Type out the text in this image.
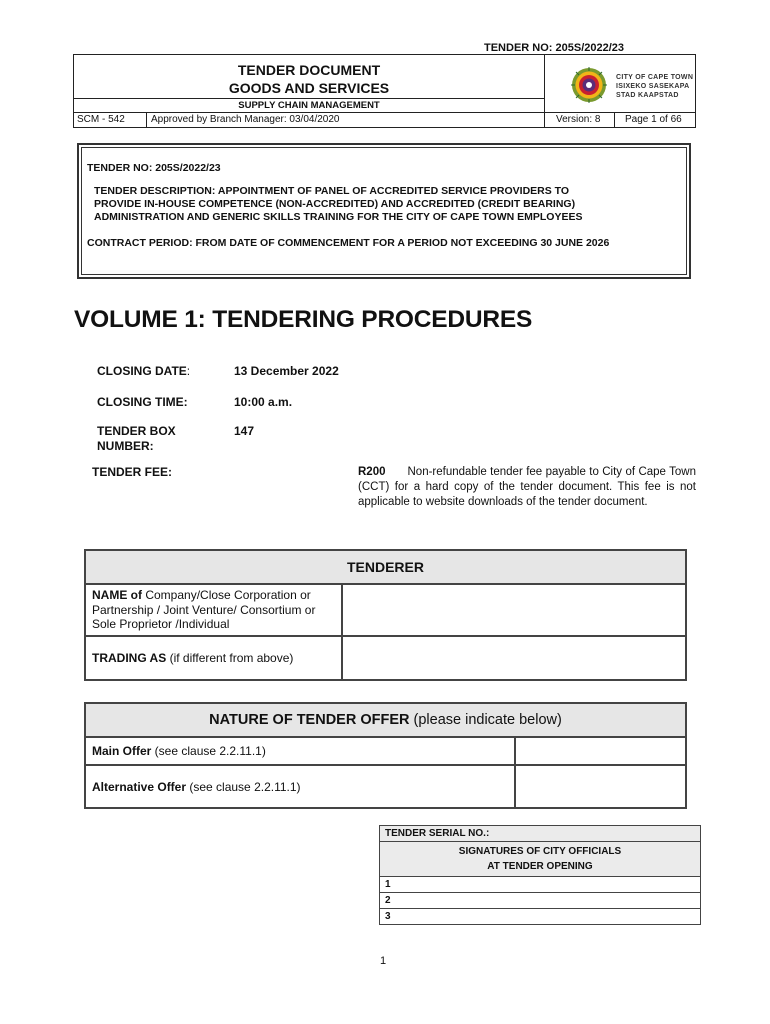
TENDER NO: 205S/2022/23
TENDER DOCUMENT
GOODS AND SERVICES
SUPPLY CHAIN MANAGEMENT
SCM - 542	Approved by Branch Manager: 03/04/2020	Version: 8 Page 1 of 66
CITY OF CAPE TOWN
ISIXEKO SASEKAPA
STAD KAAPSTAD
TENDER NO: 205S/2022/23
TENDER DESCRIPTION: APPOINTMENT OF PANEL OF ACCREDITED SERVICE PROVIDERS TO
PROVIDE IN-HOUSE COMPETENCE (NON-ACCREDITED) AND ACCREDITED (CREDIT BEARING)
ADMINISTRATION AND GENERIC SKILLS TRAINING FOR THE CITY OF CAPE TOWN EMPLOYEES
CONTRACT PERIOD: FROM DATE OF COMMENCEMENT FOR A PERIOD NOT EXCEEDING 30 JUNE 2026
VOLUME 1: TENDERING PROCEDURES
CLOSING DATE:	13 December 2022
CLOSING TIME:	10:00 a.m.
TENDER BOX
NUMBER:
147
TENDER FEE:	R200 Non-refundable tender fee payable to City of Cape Town (CCT) for a hard copy of the tender document. This fee is not applicable to website downloads of the tender document.
TENDERER	
NAME of Company/Close Corporation or Partnership / Joint Venture/ Consortium or Sole Proprietor /Individual	
TRADING AS (if different from above)	
NATURE OF TENDER OFFER (please indicate below)	
Main Offer (see clause 2.2.11.1)	
Alternative Offer (see clause 2.2.11.1)	
TENDER SERIAL NO.:

SIGNATURES OF CITY OFFICIALS
AT TENDER OPENING

1
2
3
1
